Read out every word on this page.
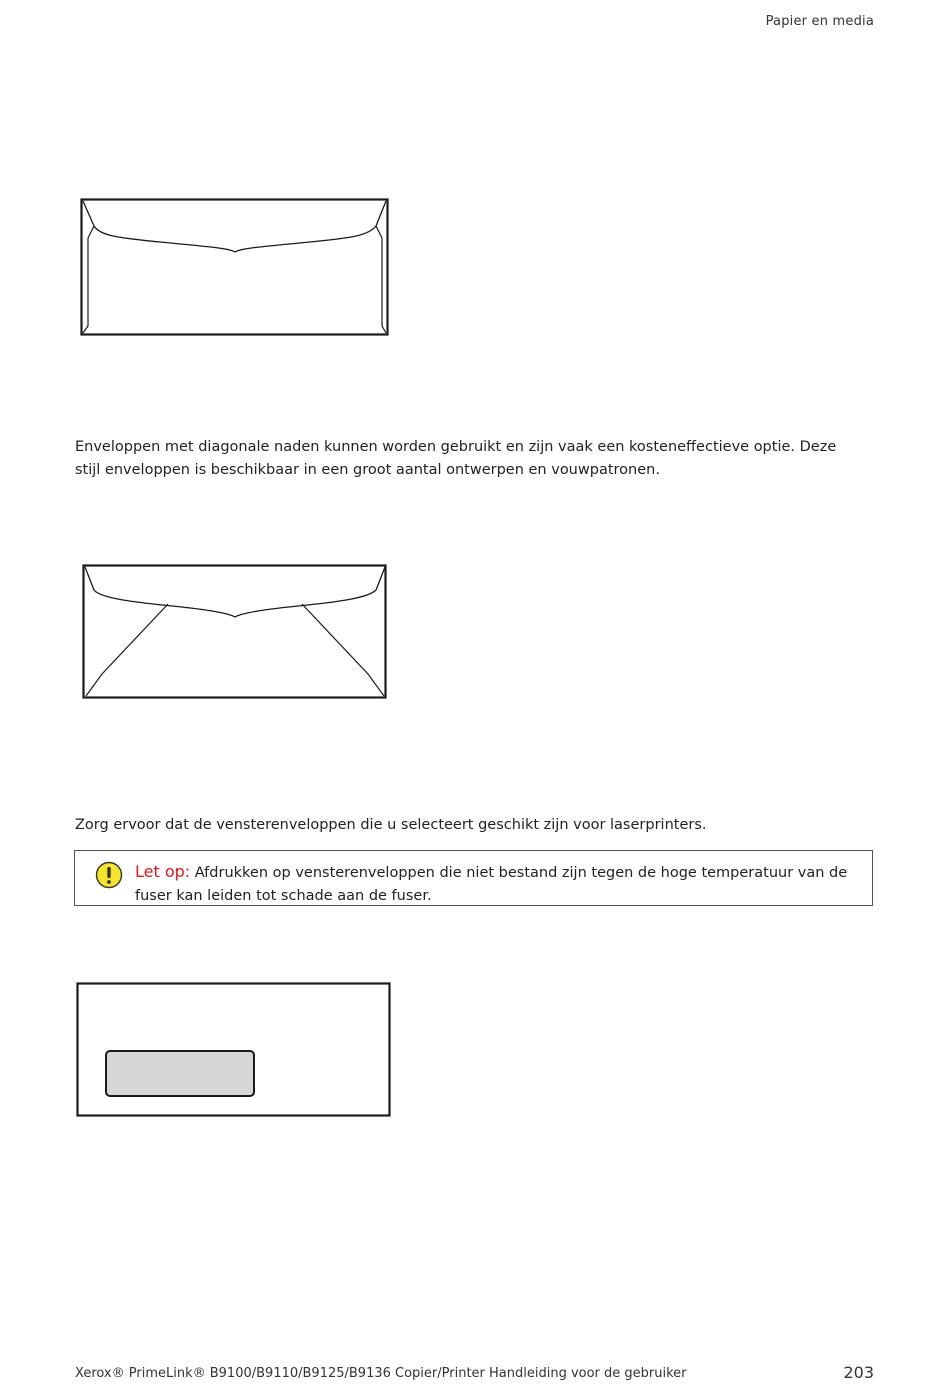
Papier en media

Enveloppen met diagonale naden kunnen worden gebruikt en zijn vaak een kosteneffectieve optie. Deze stijl enveloppen is beschikbaar in een groot aantal ontwerpen en vouwpatronen.

Zorg ervoor dat de vensterenveloppen die u selecteert geschikt zijn voor laserprinters.

Let op: Afdrukken op vensterenveloppen die niet bestand zijn tegen de hoge temperatuur van de fuser kan leiden tot schade aan de fuser.
Xerox® PrimeLink® B9100/B9110/B9125/B9136 Copier/Printer Handleiding voor de gebruiker	203
